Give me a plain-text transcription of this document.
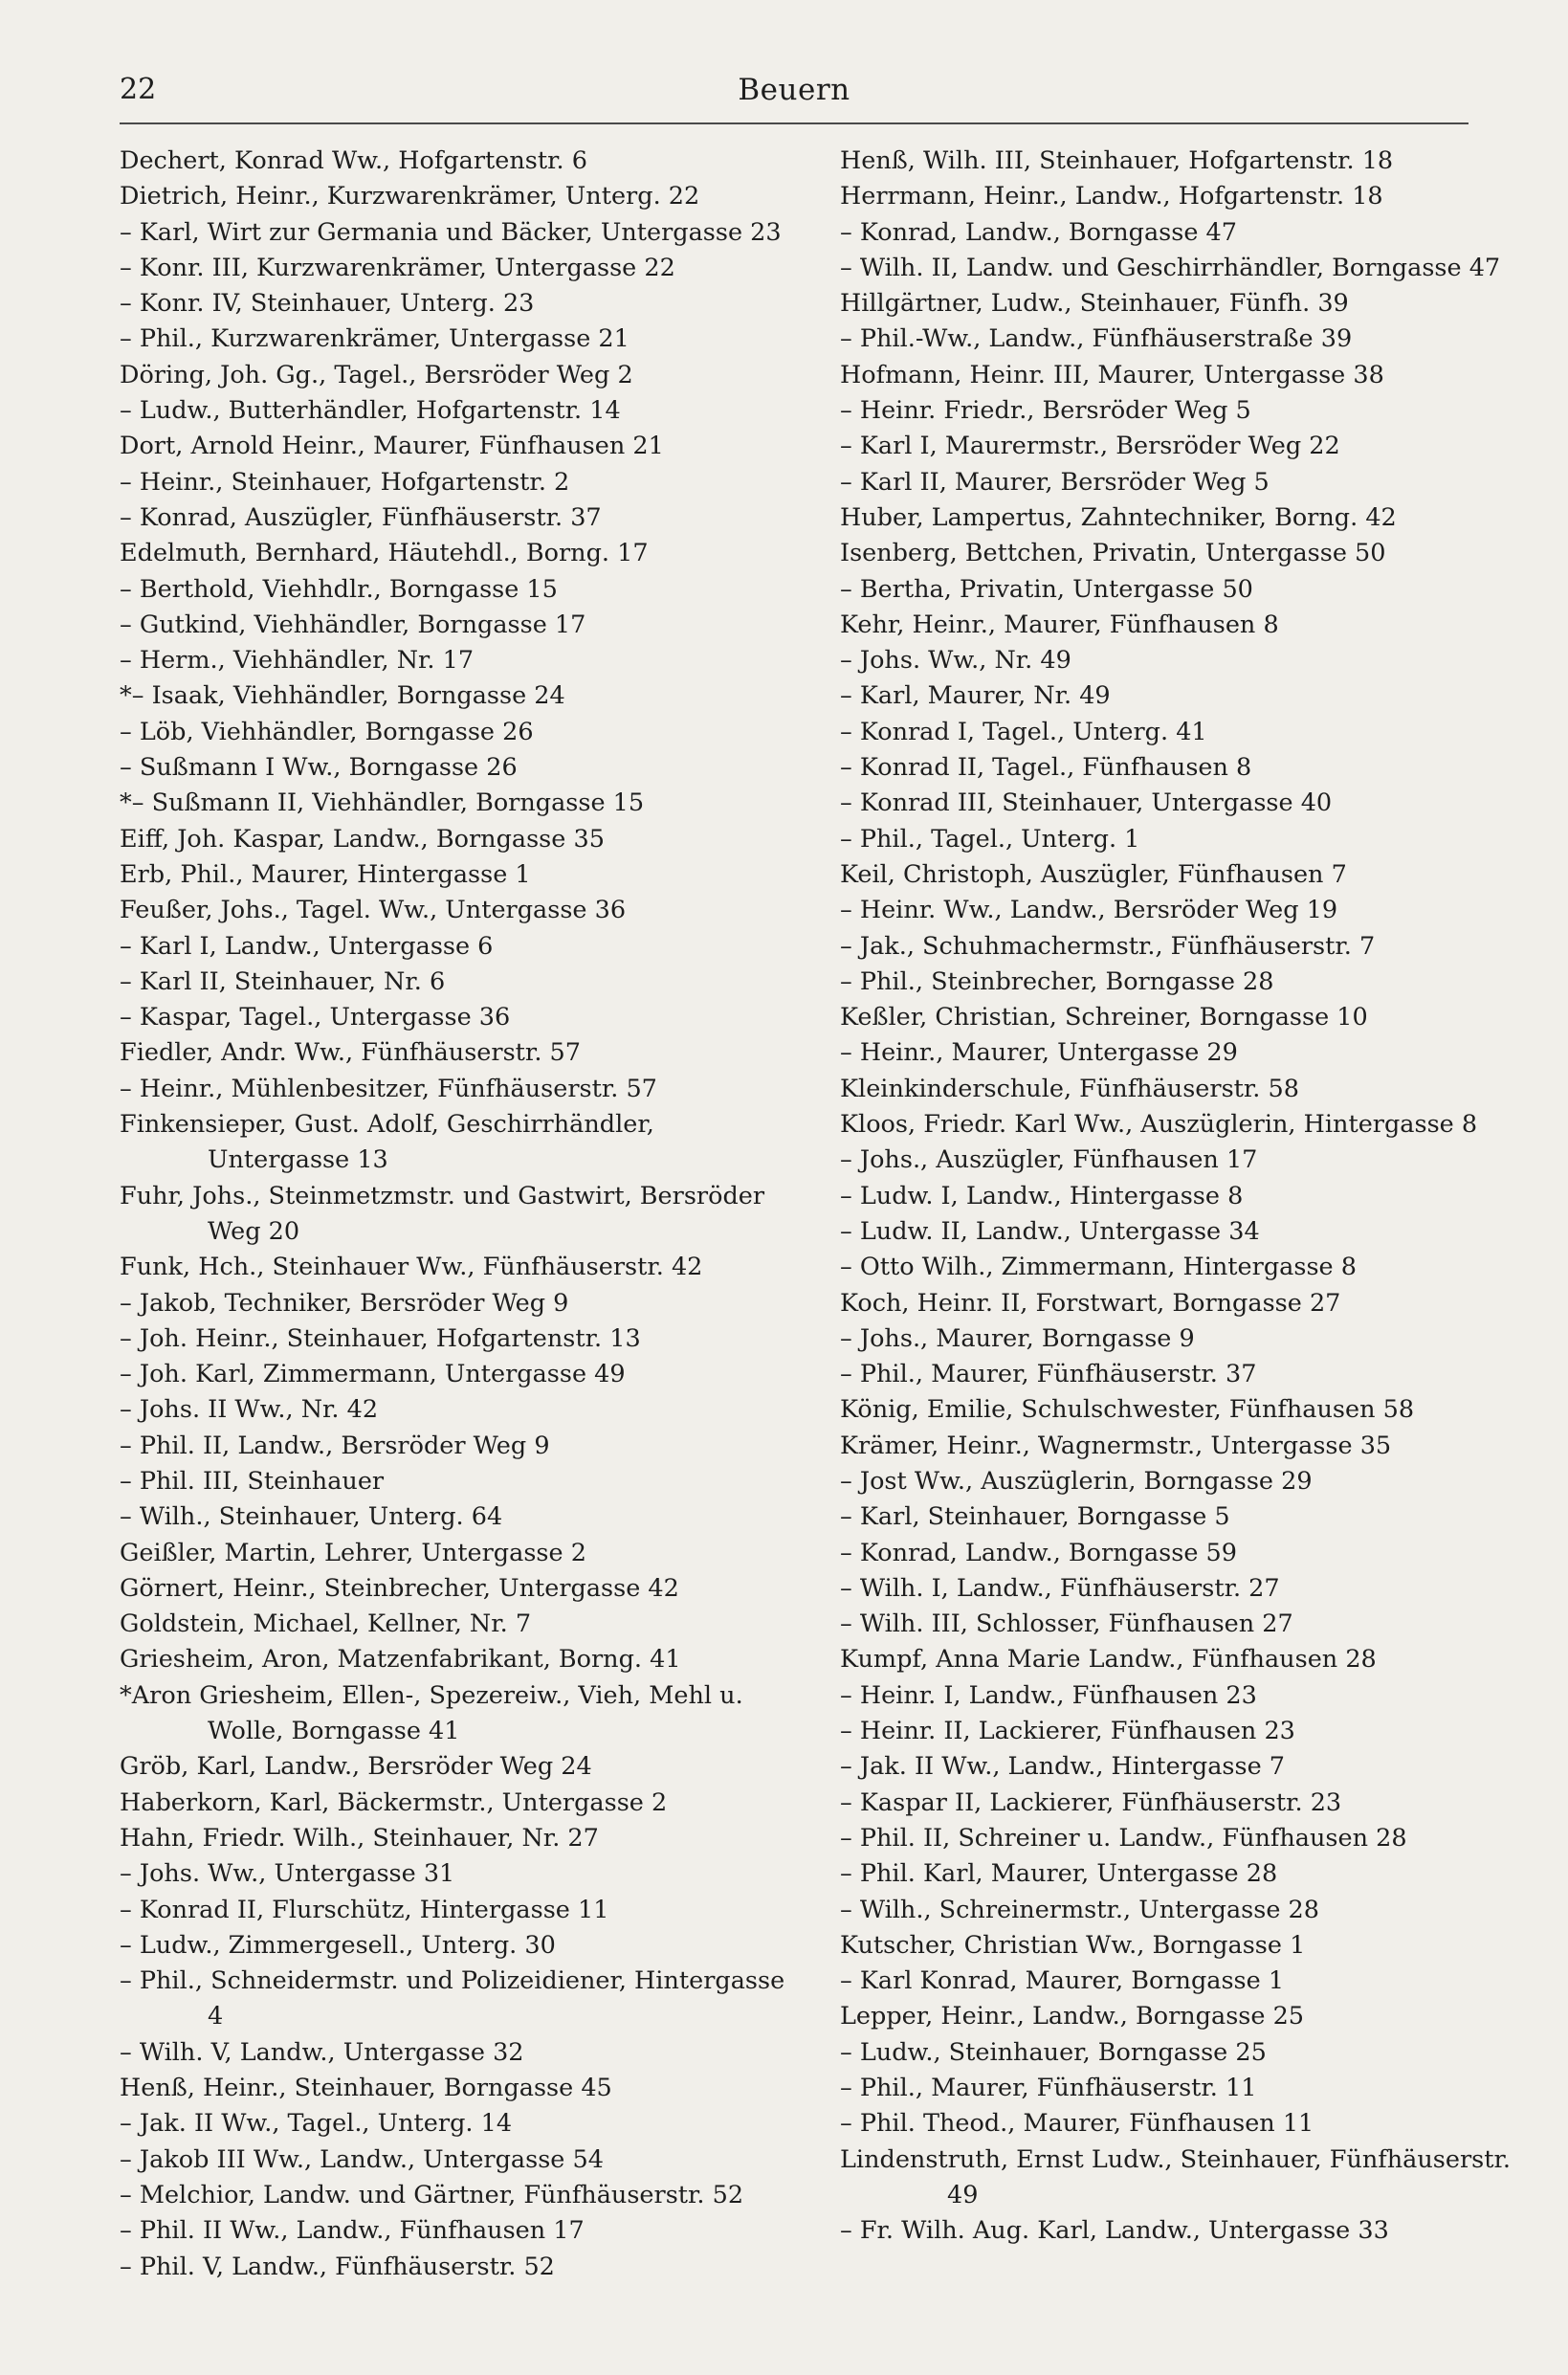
22	Beuern
Dechert, Konrad Ww., Hofgartenstr. 6
Dietrich, Heinr., Kurzwarenkrämer, Unterg. 22
– Karl, Wirt zur Germania und Bäcker, Untergasse 23
– Konr. III, Kurzwarenkrämer, Untergasse 22
– Konr. IV, Steinhauer, Unterg. 23
– Phil., Kurzwarenkrämer, Untergasse 21
Döring, Joh. Gg., Tagel., Bersröder Weg 2
– Ludw., Butterhändler, Hofgartenstr. 14
Dort, Arnold Heinr., Maurer, Fünfhausen 21
– Heinr., Steinhauer, Hofgartenstr. 2
– Konrad, Auszügler, Fünfhäuserstr. 37
Edelmuth, Bernhard, Häutehdl., Borng. 17
– Berthold, Viehhdlr., Borngasse 15
– Gutkind, Viehhändler, Borngasse 17
– Herm., Viehhändler, Nr. 17
*– Isaak, Viehhändler, Borngasse 24
– Löb, Viehhändler, Borngasse 26
– Sußmann I Ww., Borngasse 26
*– Sußmann II, Viehhändler, Borngasse 15
Eiff, Joh. Kaspar, Landw., Borngasse 35
Erb, Phil., Maurer, Hintergasse 1
Feußer, Johs., Tagel. Ww., Untergasse 36
– Karl I, Landw., Untergasse 6
– Karl II, Steinhauer, Nr. 6
– Kaspar, Tagel., Untergasse 36
Fiedler, Andr. Ww., Fünfhäuserstr. 57
– Heinr., Mühlenbesitzer, Fünfhäuserstr. 57
Finkensieper, Gust. Adolf, Geschirrhändler, Untergasse 13
Fuhr, Johs., Steinmetzmstr. und Gastwirt, Bersröder Weg 20
Funk, Hch., Steinhauer Ww., Fünfhäuserstr. 42
– Jakob, Techniker, Bersröder Weg 9
– Joh. Heinr., Steinhauer, Hofgartenstr. 13
– Joh. Karl, Zimmermann, Untergasse 49
– Johs. II Ww., Nr. 42
– Phil. II, Landw., Bersröder Weg 9
– Phil. III, Steinhauer
– Wilh., Steinhauer, Unterg. 64
Geißler, Martin, Lehrer, Untergasse 2
Görnert, Heinr., Steinbrecher, Untergasse 42
Goldstein, Michael, Kellner, Nr. 7
Griesheim, Aron, Matzenfabrikant, Borng. 41
*Aron Griesheim, Ellen-, Spezereiw., Vieh, Mehl u. Wolle, Borngasse 41
Gröb, Karl, Landw., Bersröder Weg 24
Haberkorn, Karl, Bäckermstr., Untergasse 2
Hahn, Friedr. Wilh., Steinhauer, Nr. 27
– Johs. Ww., Untergasse 31
– Konrad II, Flurschütz, Hintergasse 11
– Ludw., Zimmergesell., Unterg. 30
– Phil., Schneidermstr. und Polizeidiener, Hintergasse 4
– Wilh. V, Landw., Untergasse 32
Henß, Heinr., Steinhauer, Borngasse 45
– Jak. II Ww., Tagel., Unterg. 14
– Jakob III Ww., Landw., Untergasse 54
– Melchior, Landw. und Gärtner, Fünfhäuserstr. 52
– Phil. II Ww., Landw., Fünfhausen 17
– Phil. V, Landw., Fünfhäuserstr. 52
Henß, Wilh. III, Steinhauer, Hofgartenstr. 18
Herrmann, Heinr., Landw., Hofgartenstr. 18
– Konrad, Landw., Borngasse 47
– Wilh. II, Landw. und Geschirrhändler, Borngasse 47
Hillgärtner, Ludw., Steinhauer, Fünfh. 39
– Phil.-Ww., Landw., Fünfhäuserstraße 39
Hofmann, Heinr. III, Maurer, Untergasse 38
– Heinr. Friedr., Bersröder Weg 5
– Karl I, Maurermstr., Bersröder Weg 22
– Karl II, Maurer, Bersröder Weg 5
Huber, Lampertus, Zahntechniker, Borng. 42
Isenberg, Bettchen, Privatin, Untergasse 50
– Bertha, Privatin, Untergasse 50
Kehr, Heinr., Maurer, Fünfhausen 8
– Johs. Ww., Nr. 49
– Karl, Maurer, Nr. 49
– Konrad I, Tagel., Unterg. 41
– Konrad II, Tagel., Fünfhausen 8
– Konrad III, Steinhauer, Untergasse 40
– Phil., Tagel., Unterg. 1
Keil, Christoph, Auszügler, Fünfhausen 7
– Heinr. Ww., Landw., Bersröder Weg 19
– Jak., Schuhmachermstr., Fünfhäuserstr. 7
– Phil., Steinbrecher, Borngasse 28
Keßler, Christian, Schreiner, Borngasse 10
– Heinr., Maurer, Untergasse 29
Kleinkinderschule, Fünfhäuserstr. 58
Kloos, Friedr. Karl Ww., Auszüglerin, Hintergasse 8
– Johs., Auszügler, Fünfhausen 17
– Ludw. I, Landw., Hintergasse 8
– Ludw. II, Landw., Untergasse 34
– Otto Wilh., Zimmermann, Hintergasse 8
Koch, Heinr. II, Forstwart, Borngasse 27
– Johs., Maurer, Borngasse 9
– Phil., Maurer, Fünfhäuserstr. 37
König, Emilie, Schulschwester, Fünfhausen 58
Krämer, Heinr., Wagnermstr., Untergasse 35
– Jost Ww., Auszüglerin, Borngasse 29
– Karl, Steinhauer, Borngasse 5
– Konrad, Landw., Borngasse 59
– Wilh. I, Landw., Fünfhäuserstr. 27
– Wilh. III, Schlosser, Fünfhausen 27
Kumpf, Anna Marie Landw., Fünfhausen 28
– Heinr. I, Landw., Fünfhausen 23
– Heinr. II, Lackierer, Fünfhausen 23
– Jak. II Ww., Landw., Hintergasse 7
– Kaspar II, Lackierer, Fünfhäuserstr. 23
– Phil. II, Schreiner u. Landw., Fünfhausen 28
– Phil. Karl, Maurer, Untergasse 28
– Wilh., Schreinermstr., Untergasse 28
Kutscher, Christian Ww., Borngasse 1
– Karl Konrad, Maurer, Borngasse 1
Lepper, Heinr., Landw., Borngasse 25
– Ludw., Steinhauer, Borngasse 25
– Phil., Maurer, Fünfhäuserstr. 11
– Phil. Theod., Maurer, Fünfhausen 11
Lindenstruth, Ernst Ludw., Steinhauer, Fünfhäuserstr. 49
– Fr. Wilh. Aug. Karl, Landw., Untergasse 33
